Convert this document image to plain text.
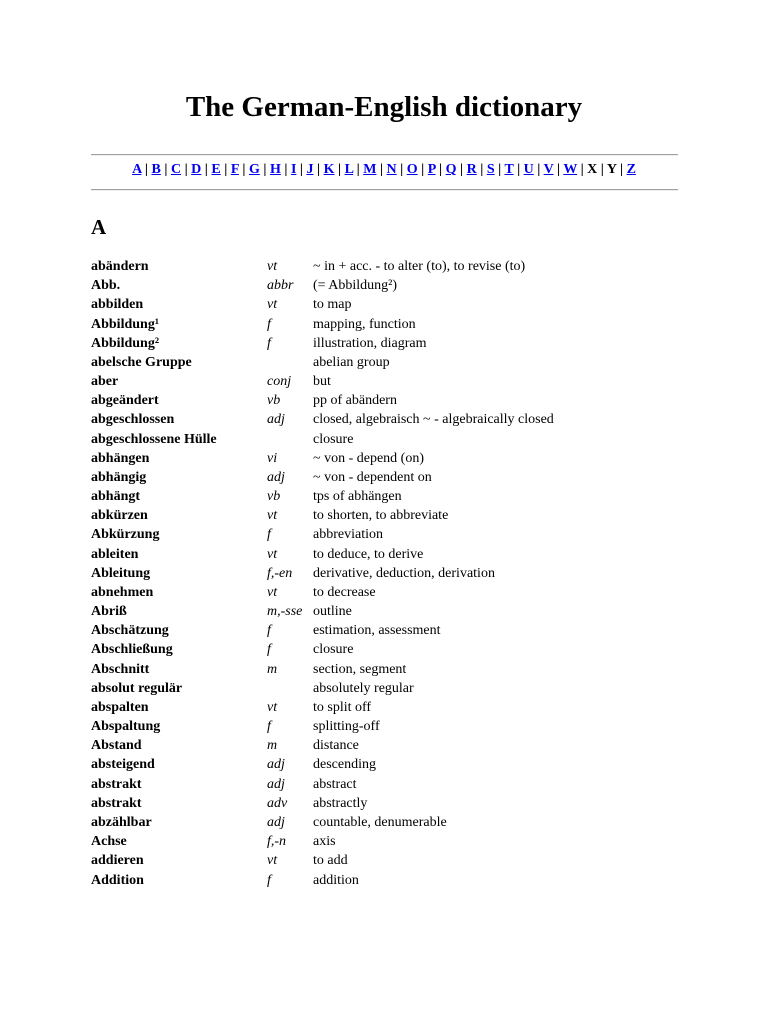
The German-English dictionary
A | B | C | D | E | F | G | H | I | J | K | L | M | N | O | P | Q | R | S | T | U | V | W | X | Y | Z
A
abändern	vt	~ in + acc. - to alter (to), to revise (to)
Abb.	abbr	(= Abbildung²)
abbilden	vt	to map
Abbildung¹	f	mapping, function
Abbildung²	f	illustration, diagram
abelsche Gruppe		abelian group
aber	conj	but
abgeändert	vb	pp of abändern
abgeschlossen	adj	closed, algebraisch ~ - algebraically closed
abgeschlossene Hülle		closure
abhängen	vi	~ von - depend (on)
abhängig	adj	~ von - dependent on
abhängt	vb	tps of abhängen
abkürzen	vt	to shorten, to abbreviate
Abkürzung	f	abbreviation
ableiten	vt	to deduce, to derive
Ableitung	f,-en	derivative, deduction, derivation
abnehmen	vt	to decrease
Abriß	m,-sse	outline
Abschätzung	f	estimation, assessment
Abschließung	f	closure
Abschnitt	m	section, segment
absolut regulär		absolutely regular
abspalten	vt	to split off
Abspaltung	f	splitting-off
Abstand	m	distance
absteigend	adj	descending
abstrakt	adj	abstract
abstrakt	adv	abstractly
abzählbar	adj	countable, denumerable
Achse	f,-n	axis
addieren	vt	to add
Addition	f	addition
